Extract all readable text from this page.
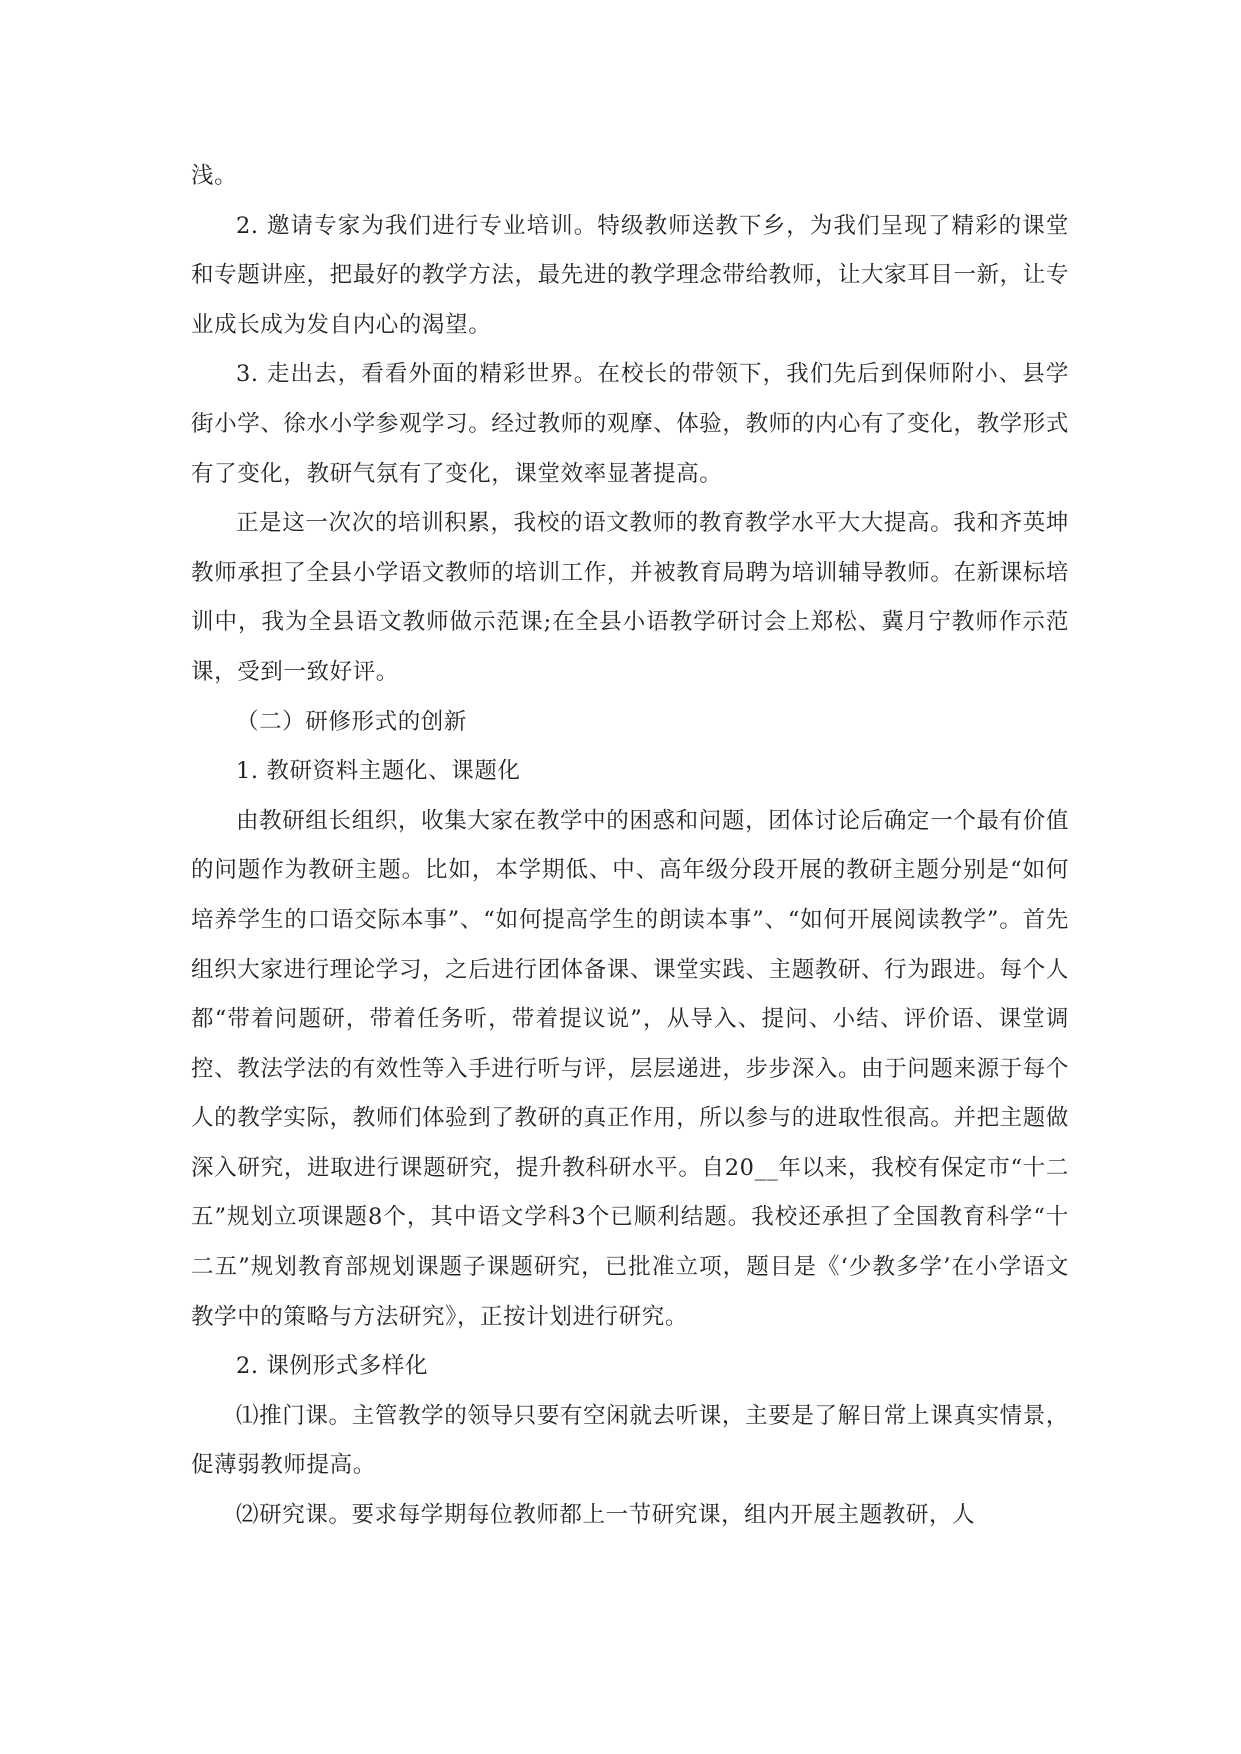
浅。

2. 邀请专家为我们进行专业培训。特级教师送教下乡，为我们呈现了精彩的课堂和专题讲座，把最好的教学方法，最先进的教学理念带给教师，让大家耳目一新，让专业成长成为发自内心的渴望。

3. 走出去，看看外面的精彩世界。在校长的带领下，我们先后到保师附小、县学街小学、徐水小学参观学习。经过教师的观摩、体验，教师的内心有了变化，教学形式有了变化，教研气氛有了变化，课堂效率显著提高。

正是这一次次的培训积累，我校的语文教师的教育教学水平大大提高。我和齐英坤教师承担了全县小学语文教师的培训工作，并被教育局聘为培训辅导教师。在新课标培训中，我为全县语文教师做示范课;在全县小语教学研讨会上郑松、冀月宁教师作示范课，受到一致好评。

（二）研修形式的创新

1. 教研资料主题化、课题化

由教研组长组织，收集大家在教学中的困惑和问题，团体讨论后确定一个最有价值的问题作为教研主题。比如，本学期低、中、高年级分段开展的教研主题分别是“如何培养学生的口语交际本事”、“如何提高学生的朗读本事”、“如何开展阅读教学”。首先组织大家进行理论学习，之后进行团体备课、课堂实践、主题教研、行为跟进。每个人都“带着问题研，带着任务听，带着提议说”，从导入、提问、小结、评价语、课堂调控、教法学法的有效性等入手进行听与评，层层递进，步步深入。由于问题来源于每个人的教学实际，教师们体验到了教研的真正作用，所以参与的进取性很高。并把主题做深入研究，进取进行课题研究，提升教科研水平。自20__年以来，我校有保定市“十二五”规划立项课题8个，其中语文学科3个已顺利结题。我校还承担了全国教育科学“十二五”规划教育部规划课题子课题研究，已批准立项，题目是《‘少教多学’在小学语文教学中的策略与方法研究》，正按计划进行研究。

2. 课例形式多样化

⑴推门课。主管教学的领导只要有空闲就去听课，主要是了解日常上课真实情景，促薄弱教师提高。

⑵研究课。要求每学期每位教师都上一节研究课，组内开展主题教研，人
